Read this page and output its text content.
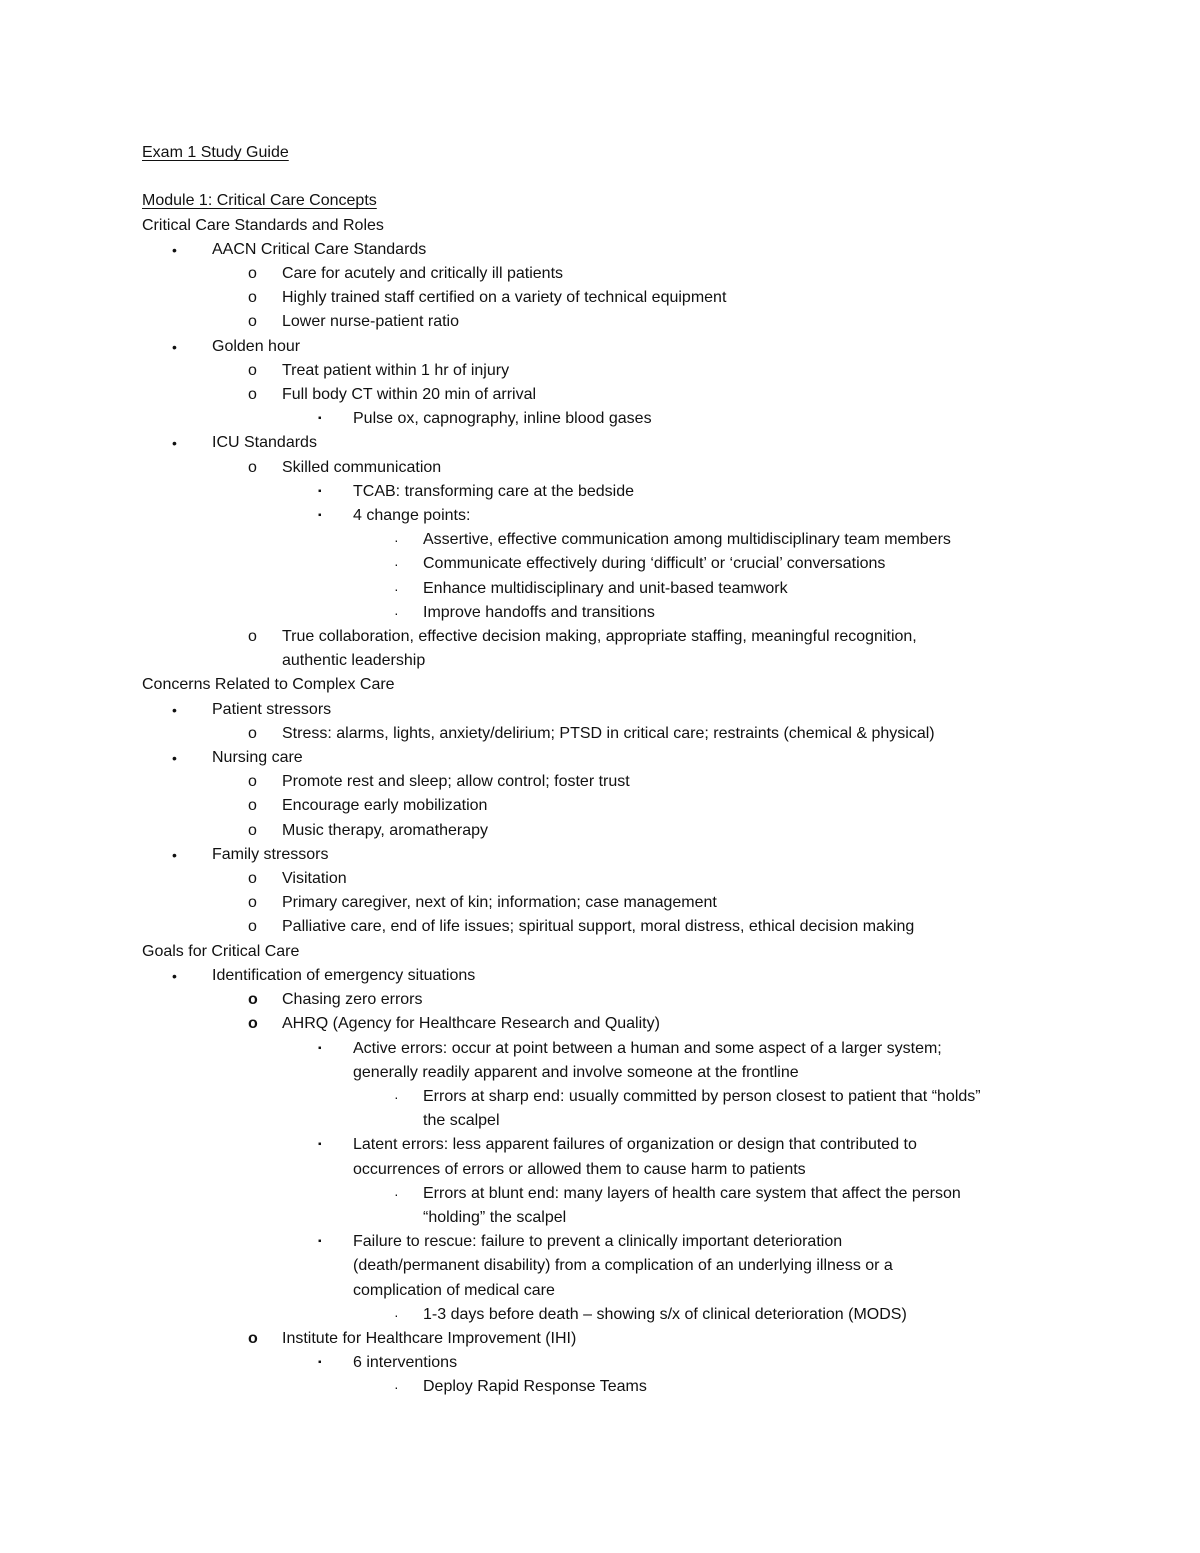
Exam 1 Study Guide
Module 1: Critical Care Concepts
Critical Care Standards and Roles
• AACN Critical Care Standards
o Care for acutely and critically ill patients
o Highly trained staff certified on a variety of technical equipment
o Lower nurse-patient ratio
• Golden hour
o Treat patient within 1 hr of injury
o Full body CT within 20 min of arrival
▪ Pulse ox, capnography, inline blood gases
• ICU Standards
o Skilled communication
▪ TCAB: transforming care at the bedside
▪ 4 change points:
· Assertive, effective communication among multidisciplinary team members
· Communicate effectively during ‘difficult’ or ‘crucial’ conversations
· Enhance multidisciplinary and unit-based teamwork
· Improve handoffs and transitions
o True collaboration, effective decision making, appropriate staffing, meaningful recognition,
authentic leadership
Concerns Related to Complex Care
• Patient stressors
o Stress: alarms, lights, anxiety/delirium; PTSD in critical care; restraints (chemical & physical)
• Nursing care
o Promote rest and sleep; allow control; foster trust
o Encourage early mobilization
o Music therapy, aromatherapy
• Family stressors
o Visitation
o Primary caregiver, next of kin; information; case management
o Palliative care, end of life issues; spiritual support, moral distress, ethical decision making
Goals for Critical Care
• Identification of emergency situations
o Chasing zero errors
o AHRQ (Agency for Healthcare Research and Quality)
▪ Active errors: occur at point between a human and some aspect of a larger system;
generally readily apparent and involve someone at the frontline
· Errors at sharp end: usually committed by person closest to patient that “holds”
the scalpel
▪ Latent errors: less apparent failures of organization or design that contributed to
occurrences of errors or allowed them to cause harm to patients
· Errors at blunt end: many layers of health care system that affect the person
“holding” the scalpel
▪ Failure to rescue: failure to prevent a clinically important deterioration
(death/permanent disability) from a complication of an underlying illness or a
complication of medical care
· 1-3 days before death – showing s/x of clinical deterioration (MODS)
o Institute for Healthcare Improvement (IHI)
▪ 6 interventions
· Deploy Rapid Response Teams
